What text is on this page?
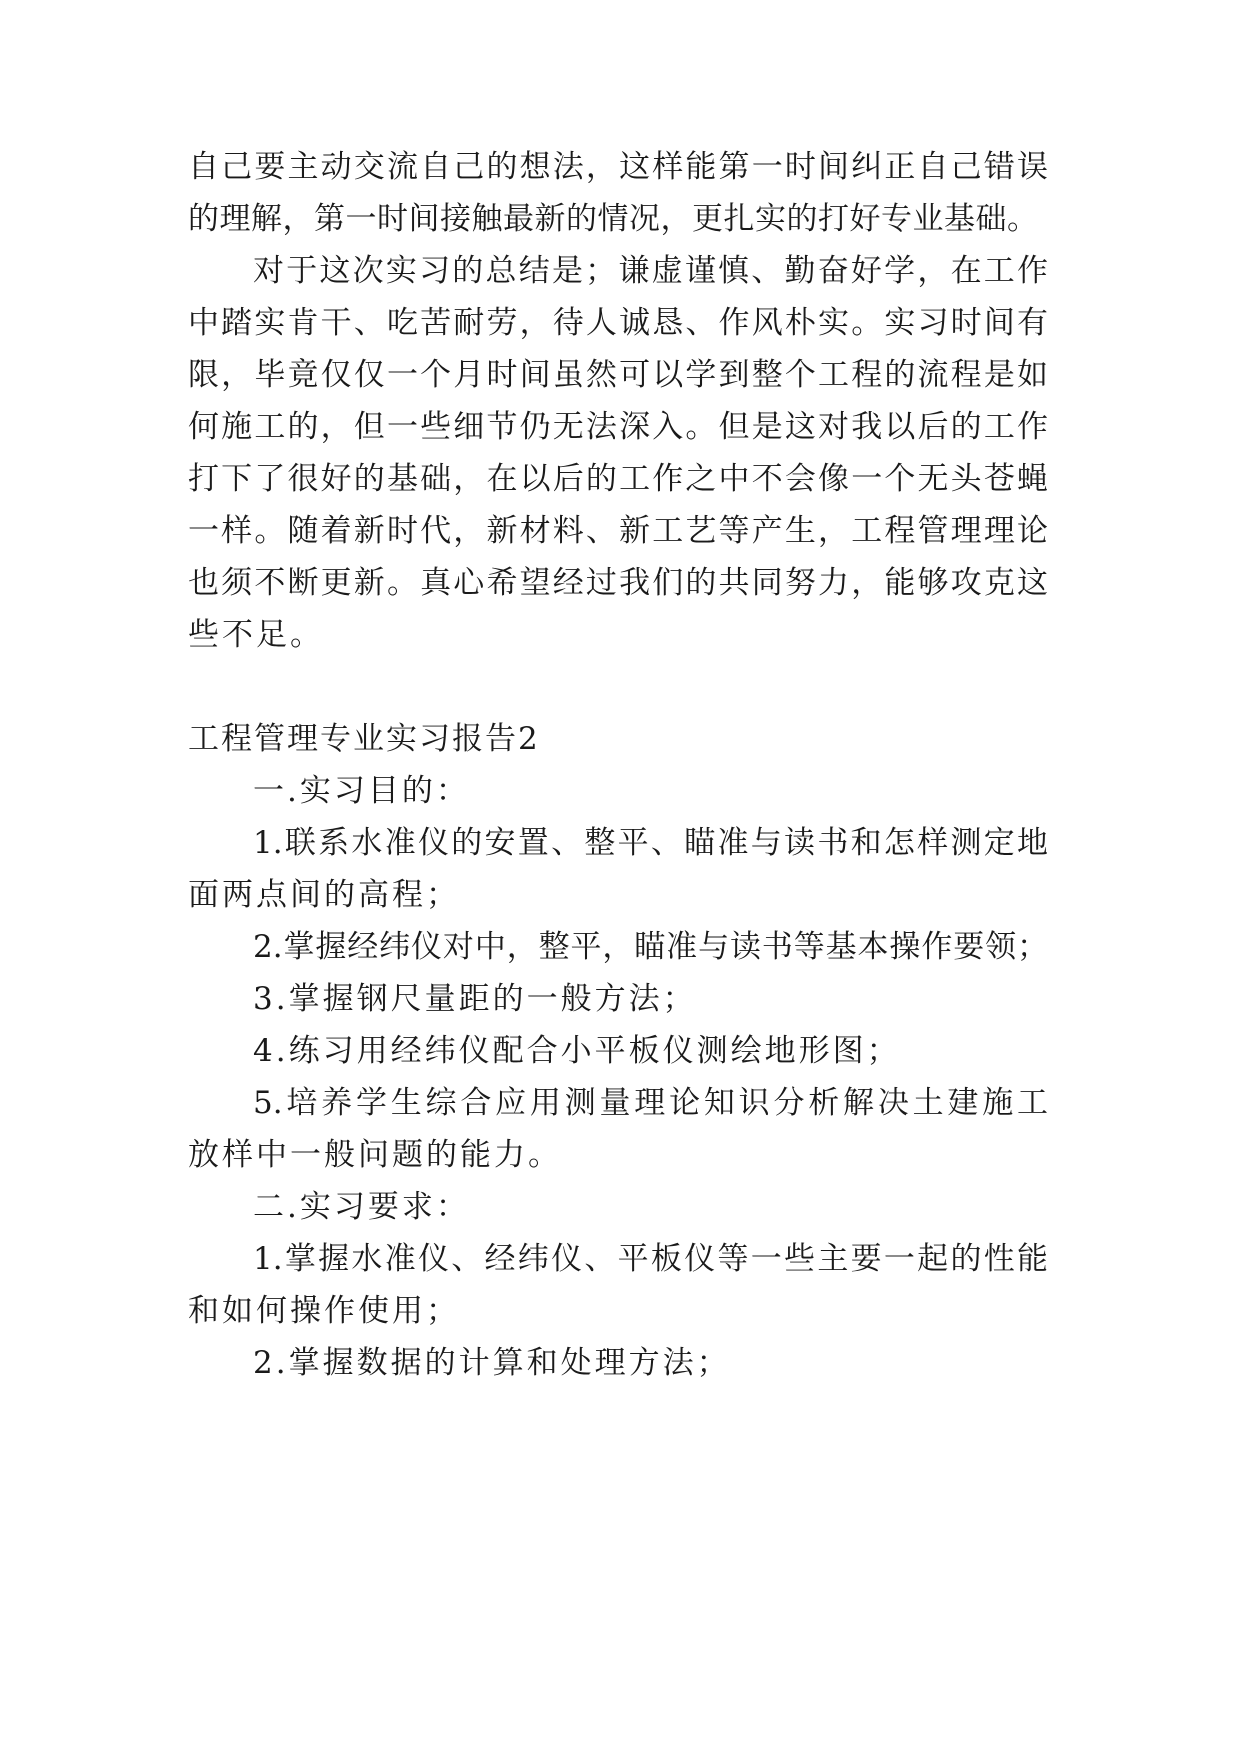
自己要主动交流自己的想法，这样能第一时间纠正自己错误
的理解，第一时间接触最新的情况，更扎实的打好专业基础。
对于这次实习的总结是；谦虚谨慎、勤奋好学，在工作
中踏实肯干、吃苦耐劳，待人诚恳、作风朴实。实习时间有
限，毕竟仅仅一个月时间虽然可以学到整个工程的流程是如
何施工的，但一些细节仍无法深入。但是这对我以后的工作
打下了很好的基础，在以后的工作之中不会像一个无头苍蝇
一样。随着新时代，新材料、新工艺等产生，工程管理理论
也须不断更新。真心希望经过我们的共同努力，能够攻克这
些不足。
工程管理专业实习报告2
一.实习目的：
1.联系水准仪的安置、整平、瞄准与读书和怎样测定地
面两点间的高程；
2.掌握经纬仪对中，整平，瞄准与读书等基本操作要领；
3.掌握钢尺量距的一般方法；
4.练习用经纬仪配合小平板仪测绘地形图；
5.培养学生综合应用测量理论知识分析解决土建施工
放样中一般问题的能力。
二.实习要求：
1.掌握水准仪、经纬仪、平板仪等一些主要一起的性能
和如何操作使用；
2.掌握数据的计算和处理方法；
